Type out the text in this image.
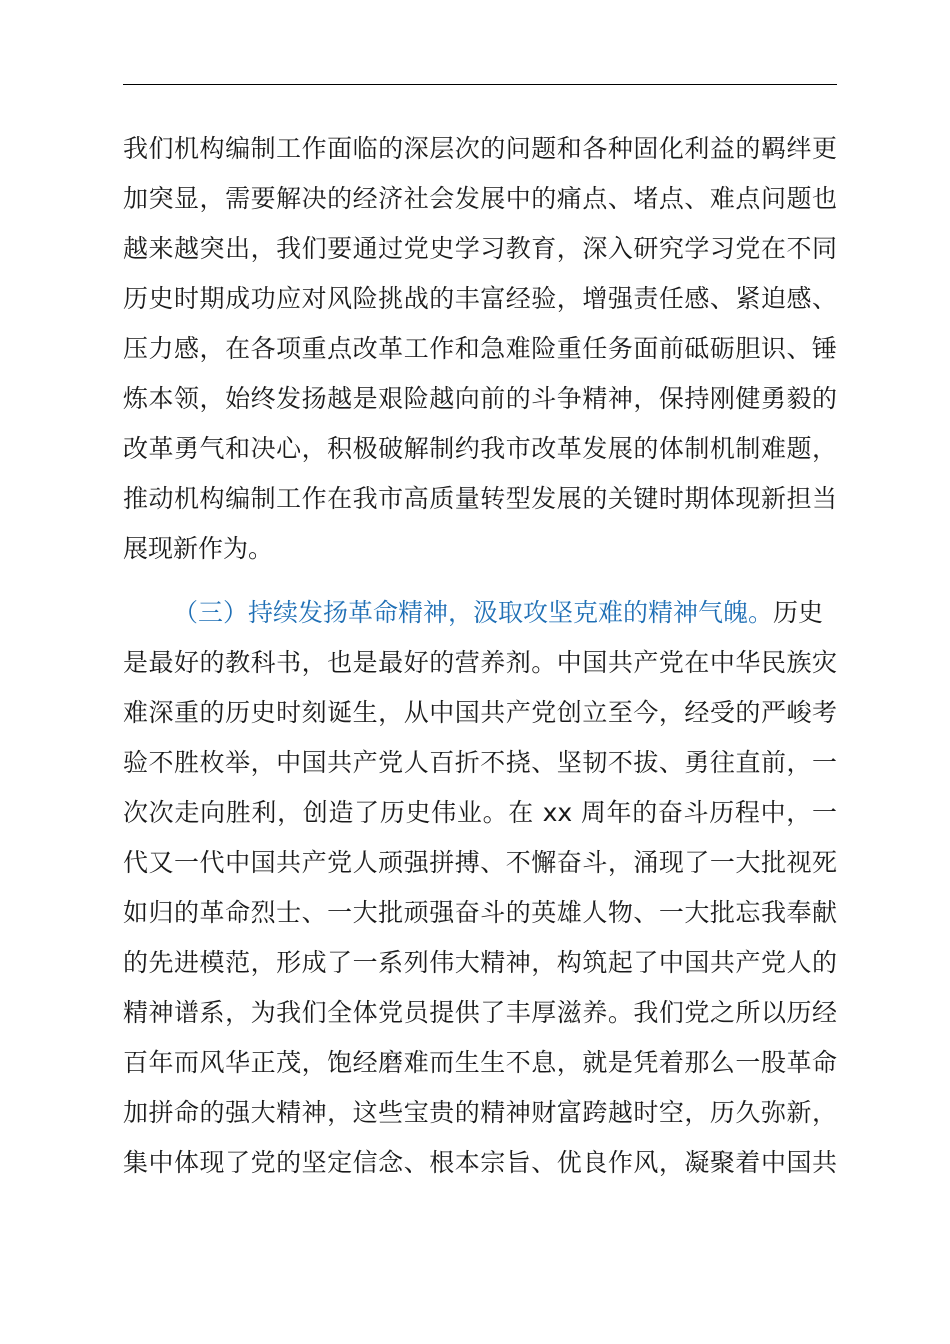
我们机构编制工作面临的深层次的问题和各种固化利益的羁绊更
加突显，需要解决的经济社会发展中的痛点、堵点、难点问题也
越来越突出，我们要通过党史学习教育，深入研究学习党在不同
历史时期成功应对风险挑战的丰富经验，增强责任感、紧迫感、
压力感，在各项重点改革工作和急难险重任务面前砥砺胆识、锤
炼本领，始终发扬越是艰险越向前的斗争精神，保持刚健勇毅的
改革勇气和决心，积极破解制约我市改革发展的体制机制难题，
推动机构编制工作在我市高质量转型发展的关键时期体现新担当
展现新作为。
（三）持续发扬革命精神，汲取攻坚克难的精神气魄。历史
是最好的教科书，也是最好的营养剂。中国共产党在中华民族灾
难深重的历史时刻诞生，从中国共产党创立至今，经受的严峻考
验不胜枚举，中国共产党人百折不挠、坚韧不拔、勇往直前，一
次次走向胜利，创造了历史伟业。在 xx 周年的奋斗历程中，一
代又一代中国共产党人顽强拼搏、不懈奋斗，涌现了一大批视死
如归的革命烈士、一大批顽强奋斗的英雄人物、一大批忘我奉献
的先进模范，形成了一系列伟大精神，构筑起了中国共产党人的
精神谱系，为我们全体党员提供了丰厚滋养。我们党之所以历经
百年而风华正茂，饱经磨难而生生不息，就是凭着那么一股革命
加拼命的强大精神，这些宝贵的精神财富跨越时空，历久弥新，
集中体现了党的坚定信念、根本宗旨、优良作风，凝聚着中国共
